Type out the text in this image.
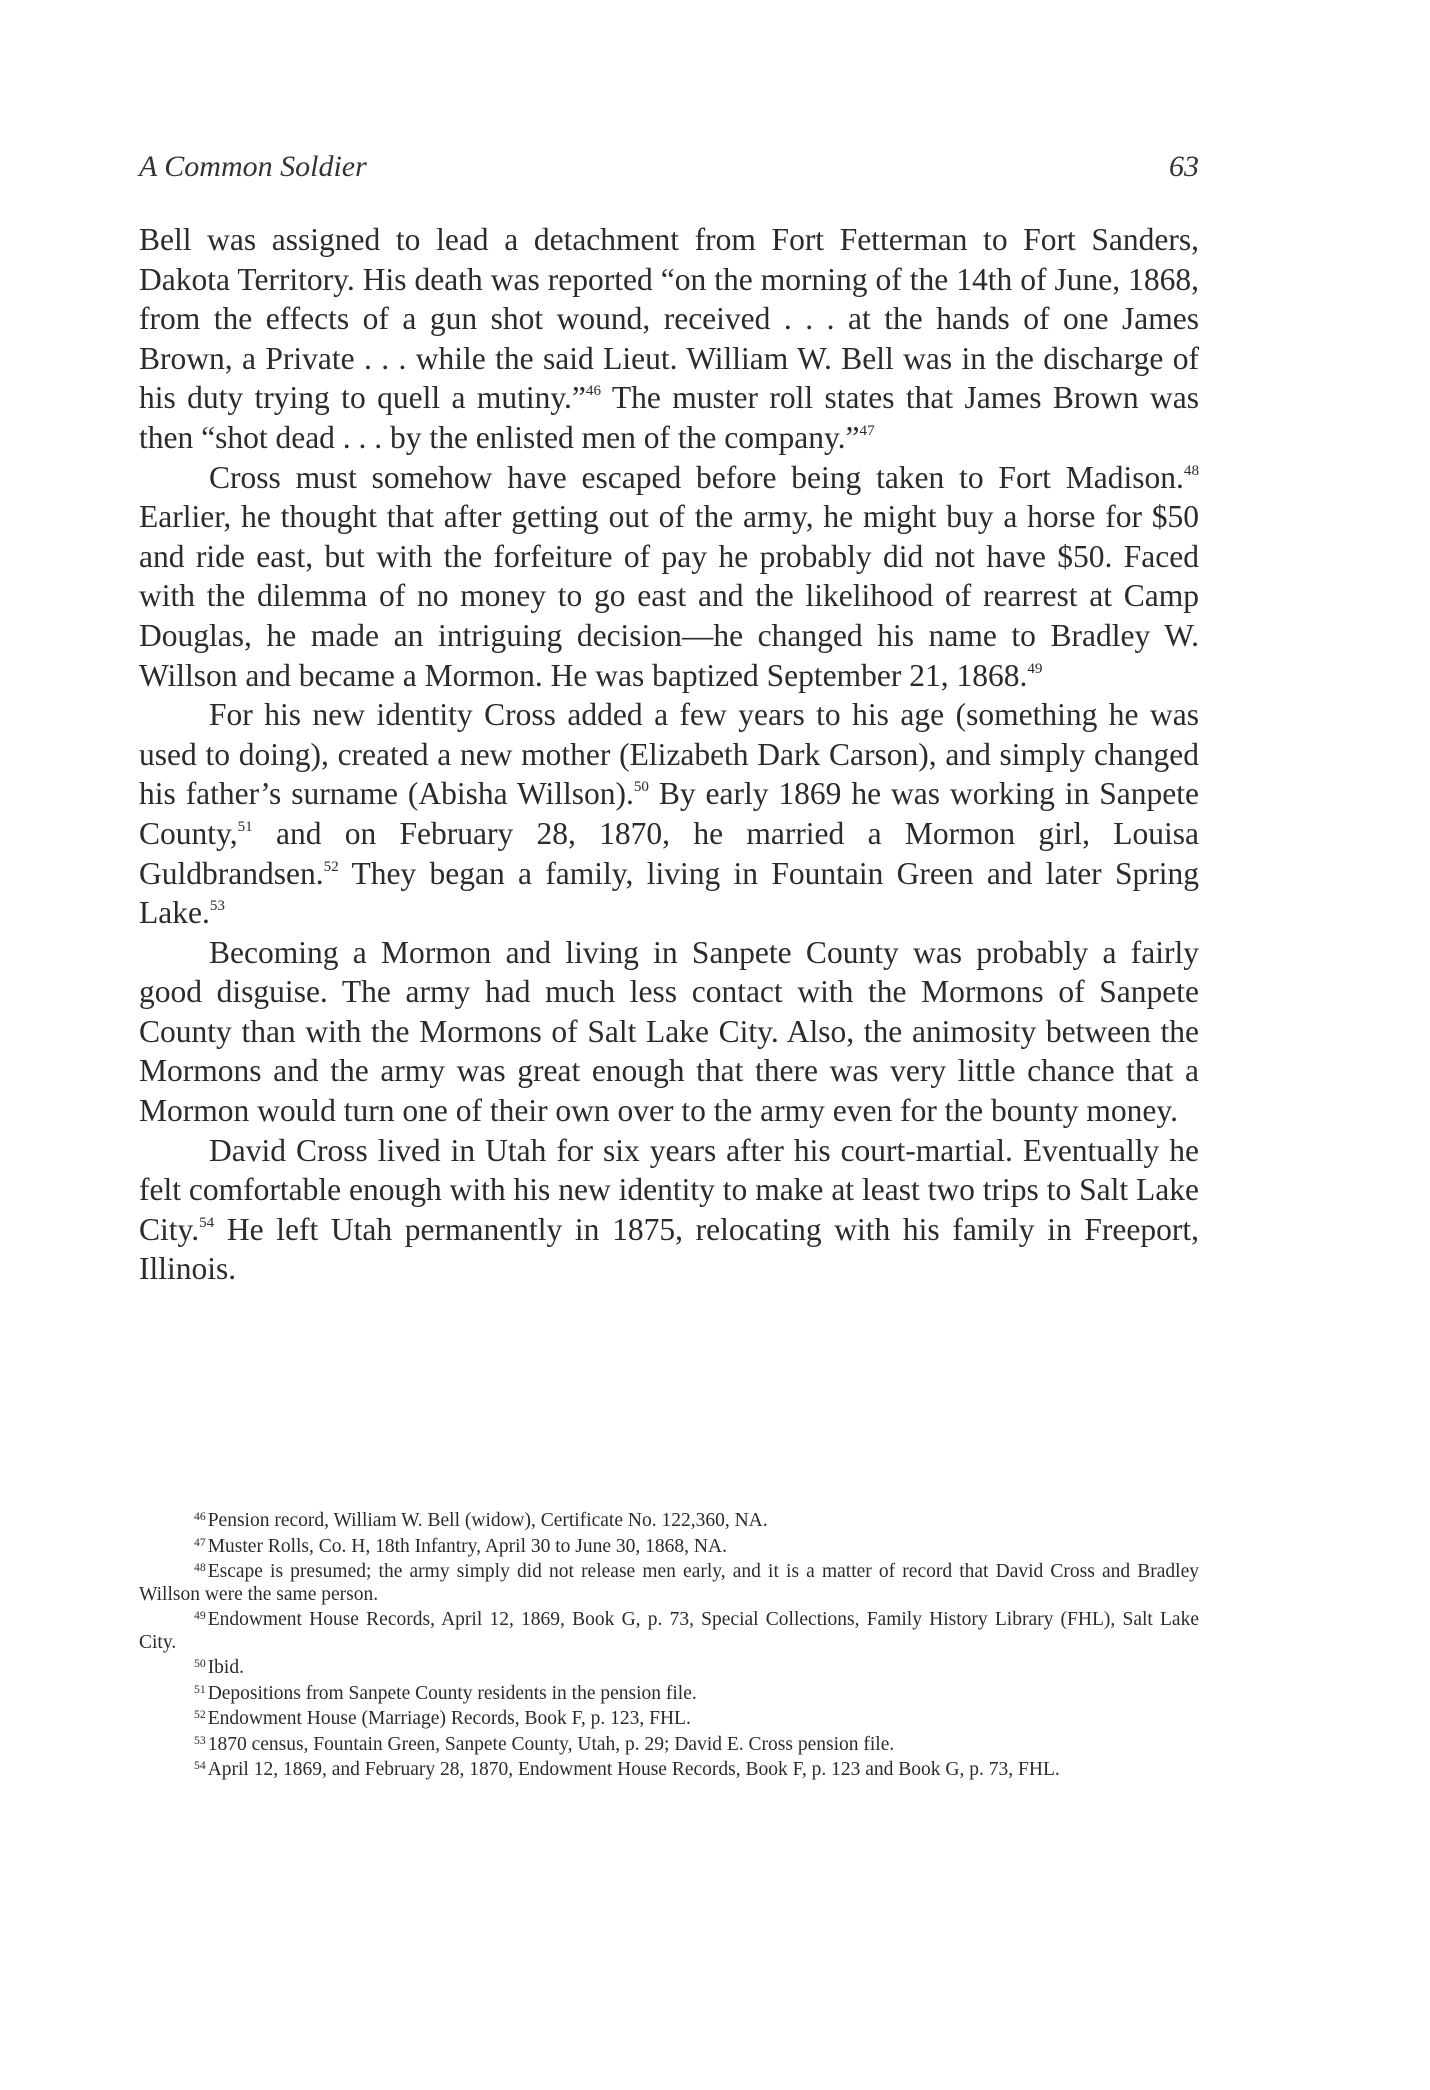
A Common Soldier	63

Bell was assigned to lead a detachment from Fort Fetterman to Fort Sanders, Dakota Territory. His death was reported “on the morning of the 14th of June, 1868, from the effects of a gun shot wound, received . . . at the hands of one James Brown, a Private . . . while the said Lieut. William W. Bell was in the discharge of his duty trying to quell a mutiny.”$^{46}$ The muster roll states that James Brown was then “shot dead . . . by the enlisted men of the company.”$^{47}$

Cross must somehow have escaped before being taken to Fort Madison.$^{48}$ Earlier, he thought that after getting out of the army, he might buy a horse for $50 and ride east, but with the forfeiture of pay he probably did not have $50. Faced with the dilemma of no money to go east and the likelihood of rearrest at Camp Douglas, he made an intriguing decision—he changed his name to Bradley W. Willson and became a Mormon. He was baptized September 21, 1868.49

For his new identity Cross added a few years to his age (something he was used to doing), created a new mother (Elizabeth Dark Carson), and simply changed his father’s surname (Abisha Willson).$^{50}$ By early 1869 he was working in Sanpete County,$^{51}$ and on February 28, 1870, he married a Mormon girl, Louisa Guldbrandsen.$^{52}$ They began a family, living in Fountain Green and later Spring Lake.$^{53}$

Becoming a Mormon and living in Sanpete County was probably a fairly good disguise. The army had much less contact with the Mormons of Sanpete County than with the Mormons of Salt Lake City. Also, the animosity between the Mormons and the army was great enough that there was very little chance that a Mormon would turn one of their own over to the army even for the bounty money.

David Cross lived in Utah for six years after his court-martial. Eventually he felt comfortable enough with his new identity to make at least two trips to Salt Lake City.$^{54}$ He left Utah permanently in 1875, relocating with his family in Freeport, Illinois.

$^{46}$ Pension record, William W. Bell (widow), Certificate No. 122,360, NA.

$^{47}$ Muster Rolls, Co. H, 18th Infantry, April 30 to June 30, 1868, NA.

$^{48}$ Escape is presumed; the army simply did not release men early, and it is a matter of record that David Cross and Bradley Willson were the same person.

$^{49}$ Endowment House Records, April 12, 1869, Book G, p. 73, Special Collections, Family History Library (FHL), Salt Lake City.

$^{50}$ Ibid.

$^{51}$ Depositions from Sanpete County residents in the pension file.

$^{52}$ Endowment House (Marriage) Records, Book F, p. 123, FHL.

$^{53}$ 1870 census, Fountain Green, Sanpete County, Utah, p. 29; David E. Cross pension file.

$^{54}$ April 12, 1869, and February 28, 1870, Endowment House Records, Book F, p. 123 and Book G, p. 73, FHL.
